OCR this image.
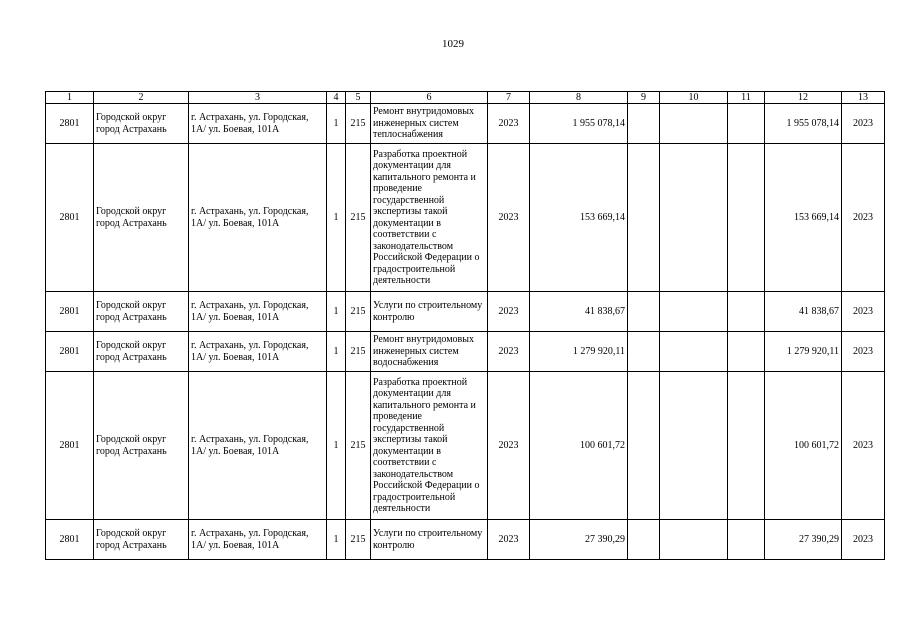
1029
1	2	3	4	5	6	7	8	9	10	11	12	13
2801	Городской округ город Астрахань	г. Астрахань, ул. Городская, 1А/ ул. Боевая, 101А	1	215	Ремонт внутридомовых инженерных систем теплоснабжения	2023	1 955 078,14				1 955 078,14	2023
2801	Городской округ город Астрахань	г. Астрахань, ул. Городская, 1А/ ул. Боевая, 101А	1	215	Разработка проектной документации для капитального ремонта и проведение государственной экспертизы такой документации в соответствии с законодательством Российской Федерации о градостроительной деятельности	2023	153 669,14				153 669,14	2023
2801	Городской округ город Астрахань	г. Астрахань, ул. Городская, 1А/ ул. Боевая, 101А	1	215	Услуги по строительному контролю	2023	41 838,67				41 838,67	2023
2801	Городской округ город Астрахань	г. Астрахань, ул. Городская, 1А/ ул. Боевая, 101А	1	215	Ремонт внутридомовых инженерных систем водоснабжения	2023	1 279 920,11				1 279 920,11	2023
2801	Городской округ город Астрахань	г. Астрахань, ул. Городская, 1А/ ул. Боевая, 101А	1	215	Разработка проектной документации для капитального ремонта и проведение государственной экспертизы такой документации в соответствии с законодательством Российской Федерации о градостроительной деятельности	2023	100 601,72				100 601,72	2023
2801	Городской округ город Астрахань	г. Астрахань, ул. Городская, 1А/ ул. Боевая, 101А	1	215	Услуги по строительному контролю	2023	27 390,29				27 390,29	2023
